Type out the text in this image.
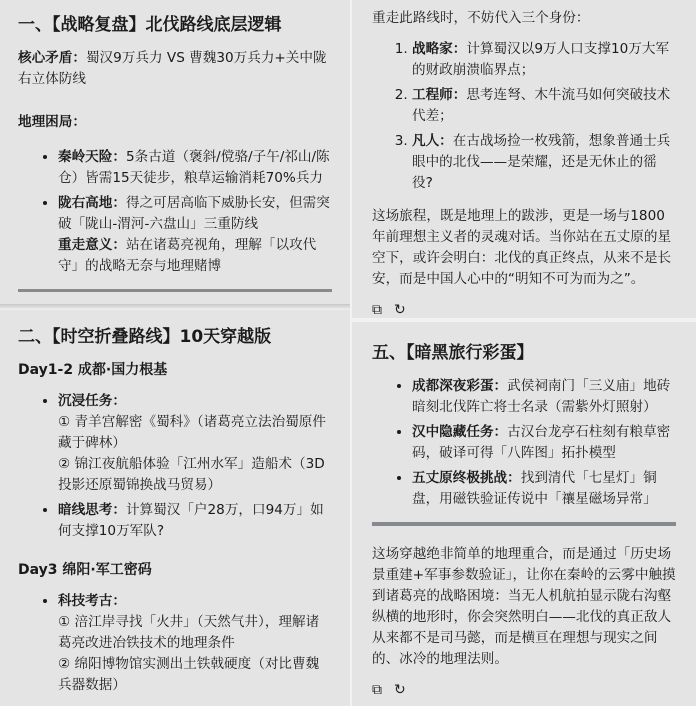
一、【战略复盘】北伐路线底层逻辑

核心矛盾：蜀汉9万兵力 VS 曹魏30万兵力+关中陇右立体防线

地理困局：

• 秦岭天险：5条古道（褒斜/傥骆/子午/祁山/陈仓）皆需15天徒步，粮草运输消耗70%兵力
• 陇右高地：得之可居高临下威胁长安，但需突破「陇山-渭河-六盘山」三重防线
重走意义：站在诸葛亮视角，理解「以攻代守」的战略无奈与地理赌博
二、【时空折叠路线】10天穿越版
Day1-2 成都·国力根基
• 沉浸任务：
① 青羊宫解密《蜀科》（诸葛亮立法治蜀原件藏于碑林）
② 锦江夜航船体验「江州水军」造船术（3D投影还原蜀锦换战马贸易）
• 暗线思考：计算蜀汉「户28万，口94万」如何支撑10万军队?
Day3 绵阳·军工密码
• 科技考古：
① 涪江岸寻找「火井」（天然气井），理解诸葛亮改进冶铁技术的地理条件
② 绵阳博物馆实测出土铁戟硬度（对比曹魏兵器数据）

重走此路线时，不妨代入三个身份：

1. 战略家：计算蜀汉以9万人口支撑10万大军的财政崩溃临界点；
2. 工程师：思考连弩、木牛流马如何突破技术代差；
3. 凡人：在古战场捡一枚残箭，想象普通士兵眼中的北伐——是荣耀，还是无休止的徭役?

这场旅程，既是地理上的跋涉，更是一场与1800年前理想主义者的灵魂对话。当你站在五丈原的星空下，或许会明白：北伐的真正终点，从来不是长安，而是中国人心中的“明知不可为而为之”。

⧉ ↻
五、【暗黑旅行彩蛋】
• 成都深夜彩蛋：武侯祠南门「三义庙」地砖暗刻北伐阵亡将士名录（需紫外灯照射）
• 汉中隐藏任务：古汉台龙亭石柱刻有粮草密码，破译可得「八阵图」拓扑模型
• 五丈原终极挑战：找到清代「七星灯」铜盘，用磁铁验证传说中「禳星磁场异常」

这场穿越绝非简单的地理重合，而是通过「历史场景重建+军事参数验证」，让你在秦岭的云雾中触摸到诸葛亮的战略困境：当无人机航拍显示陇右沟壑纵横的地形时，你会突然明白——北伐的真正敌人从来都不是司马懿，而是横亘在理想与现实之间的、冰冷的地理法则。

⧉ ↻
